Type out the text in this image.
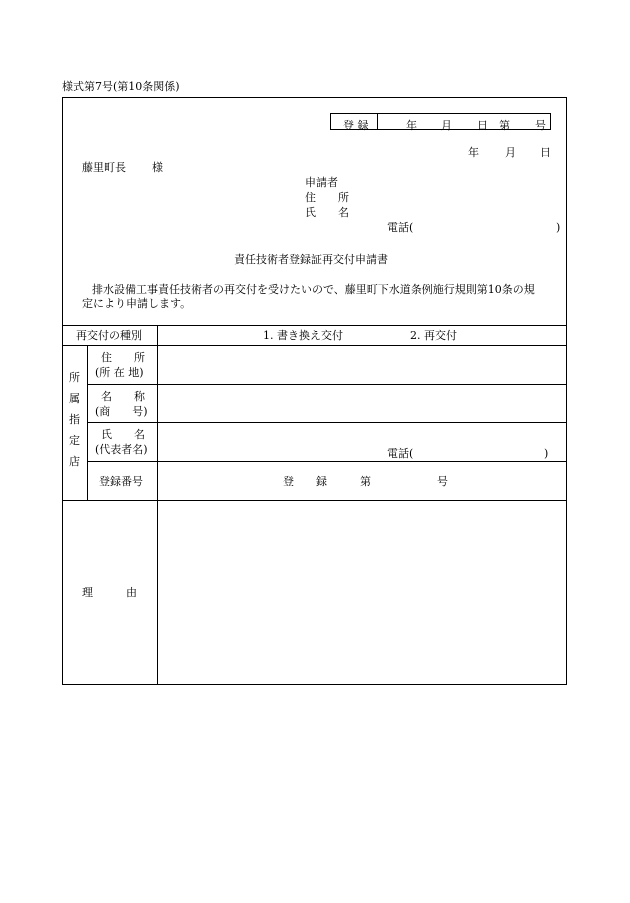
様式第7号(第10条関係)
登 録	年 月 日 第 号
年 月 日
藤里町長 様
申請者
住　　所
氏　　名
電話(	)
責任技術者登録証再交付申請書
排水設備工事責任技術者の再交付を受けたいので、藤里町下水道条例施行規則第10条の規
定により申請します。
再交付の種別	1. 書き換え交付	2. 再交付
所
属
指
定
店
住　　所
(所 在 地)
名　　称
(商　　号)
氏　　名
(代表者名)	電話(	)
登録番号	登　　録　　　第　　　　　　号
理　　　由
